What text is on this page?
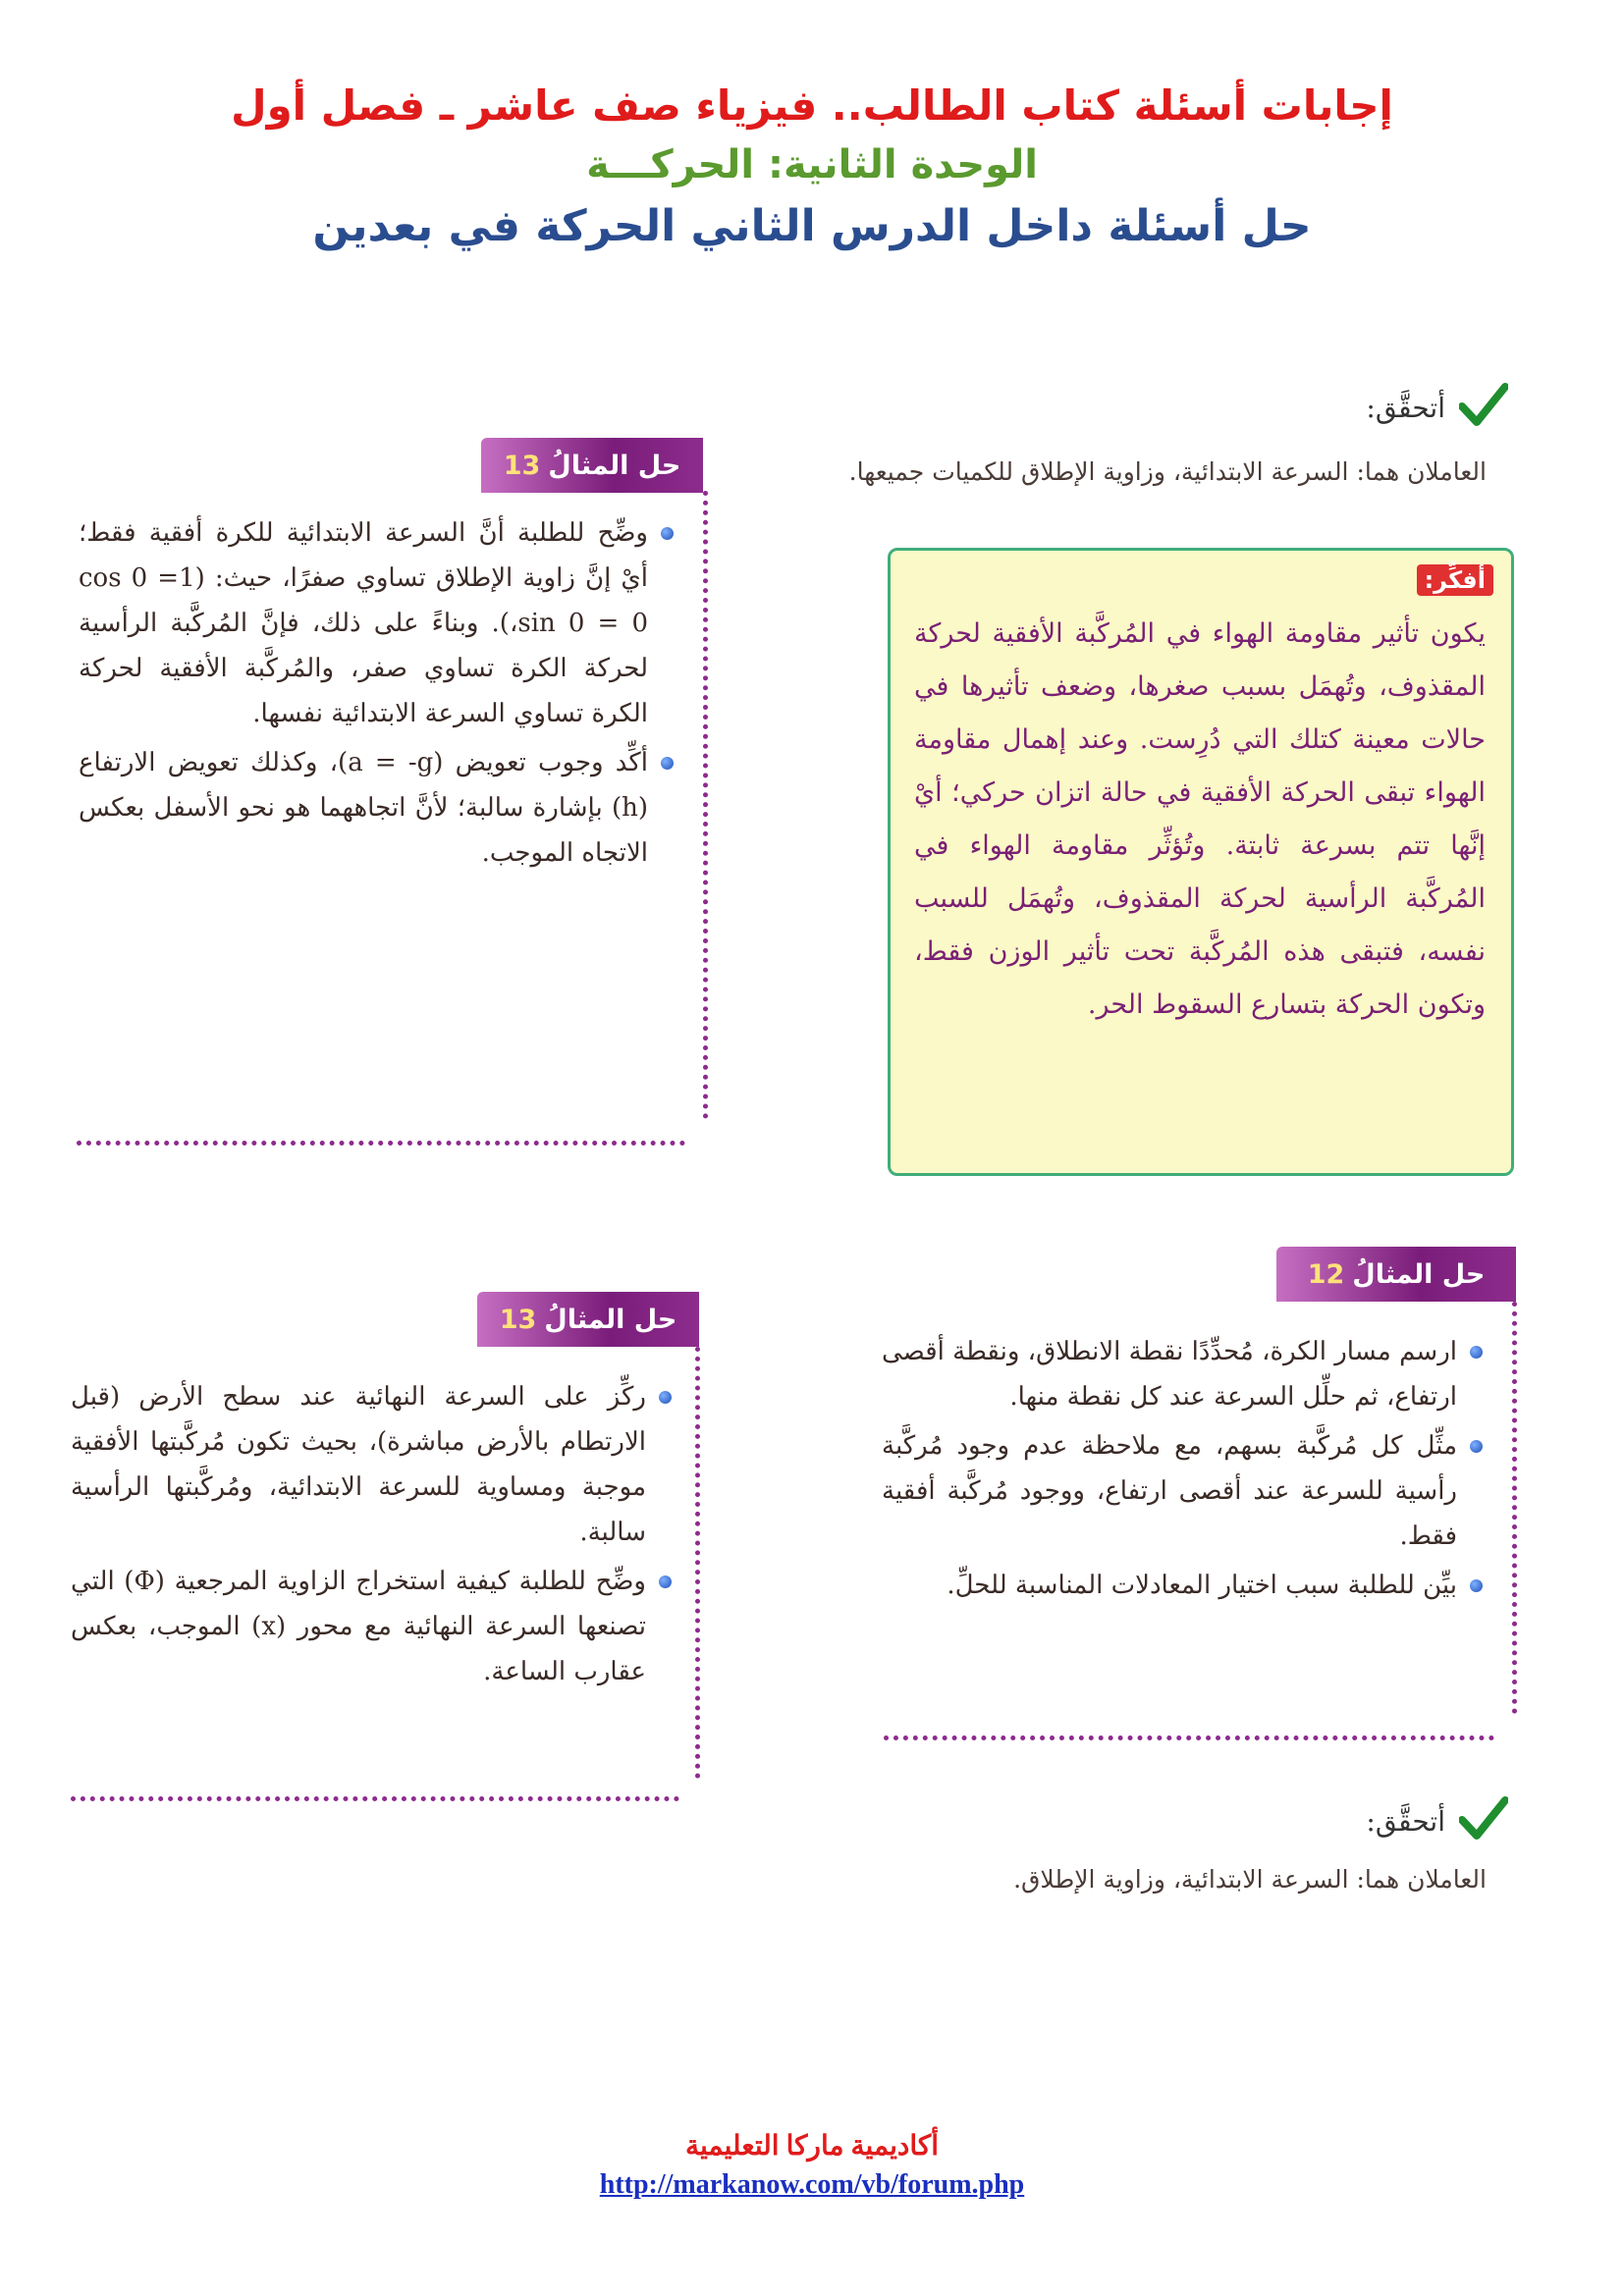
إجابات أسئلة كتاب الطالب.. فيزياء صف عاشر ـ فصل أول
الوحدة الثانية: الحركـــة
حل أسئلة داخل الدرس الثاني الحركة في بعدين
أتحقَّق:
العاملان هما: السرعة الابتدائية، وزاوية الإطلاق للكميات جميعها.
حل المثالُ
13
وضِّح للطلبة أنَّ السرعة الابتدائية للكرة أفقية فقط؛ أيْ إنَّ زاوية الإطلاق تساوي صفرًا، حيث: (cos 0 =1 ،sin 0 = 0). وبناءً على ذلك، فإنَّ المُركَّبة الرأسية لحركة الكرة تساوي صفر، والمُركَّبة الأفقية لحركة الكرة تساوي السرعة الابتدائية نفسها.
أكِّد وجوب تعويض (a = -g)، وكذلك تعويض الارتفاع (h) بإشارة سالبة؛ لأنَّ اتجاههما هو نحو الأسفل بعكس الاتجاه الموجب.
أفكِّر:
يكون تأثير مقاومة الهواء في المُركَّبة الأفقية لحركة المقذوف، وتُهمَل بسبب صغرها، وضعف تأثيرها في حالات معينة كتلك التي دُرِست. وعند إهمال مقاومة الهواء تبقى الحركة الأفقية في حالة اتزان حركي؛ أيْ إنَّها تتم بسرعة ثابتة. وتُؤثِّر مقاومة الهواء في المُركَّبة الرأسية لحركة المقذوف، وتُهمَل للسبب نفسه، فتبقى هذه المُركَّبة تحت تأثير الوزن فقط، وتكون الحركة بتسارع السقوط الحر.
حل المثالُ
12
ارسم مسار الكرة، مُحدِّدًا نقطة الانطلاق، ونقطة أقصى ارتفاع، ثم حلِّل السرعة عند كل نقطة منها.
مثِّل كل مُركَّبة بسهم، مع ملاحظة عدم وجود مُركَّبة رأسية للسرعة عند أقصى ارتفاع، ووجود مُركَّبة أفقية فقط.
بيِّن للطلبة سبب اختيار المعادلات المناسبة للحلِّ.
حل المثالُ
13
ركِّز على السرعة النهائية عند سطح الأرض (قبل الارتطام بالأرض مباشرة)، بحيث تكون مُركَّبتها الأفقية موجبة ومساوية للسرعة الابتدائية، ومُركَّبتها الرأسية سالبة.
وضِّح للطلبة كيفية استخراج الزاوية المرجعية (Φ) التي تصنعها السرعة النهائية مع محور (x) الموجب، بعكس عقارب الساعة.
أتحقَّق:
العاملان هما: السرعة الابتدائية، وزاوية الإطلاق.
أكاديمية ماركا التعليمية
http://markanow.com/vb/forum.php
